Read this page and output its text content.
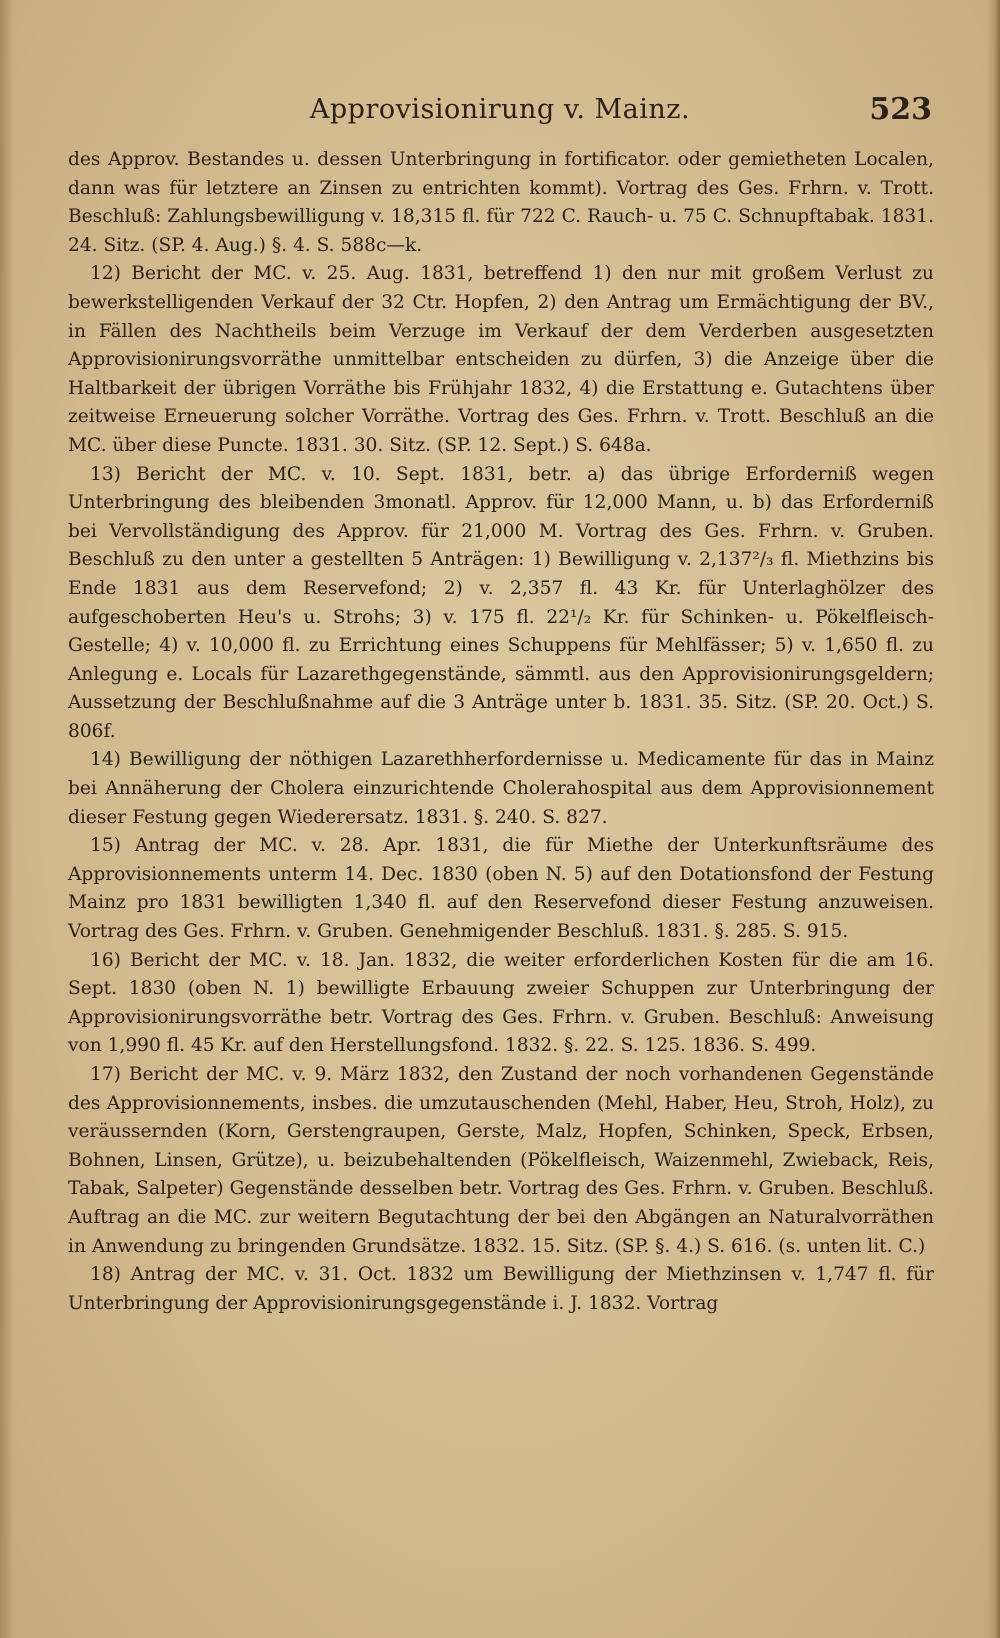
Approvisionirung v. Mainz.	523

des Approv. Bestandes u. dessen Unterbringung in fortificator. oder gemietheten Localen, dann was für letztere an Zinsen zu entrichten kommt). Vortrag des Ges. Frhrn. v. Trott. Beschluß: Zahlungsbewilligung v. 18,315 fl. für 722 C. Rauch- u. 75 C. Schnupftabak. 1831. 24. Sitz. (SP. 4. Aug.) §. 4. S. 588c—k.

12) Bericht der MC. v. 25. Aug. 1831, betreffend 1) den nur mit großem Verlust zu bewerkstelligenden Verkauf der 32 Ctr. Hopfen, 2) den Antrag um Ermächtigung der BV., in Fällen des Nachtheils beim Verzuge im Verkauf der dem Verderben ausgesetzten Approvisionirungsvorräthe unmittelbar entscheiden zu dürfen, 3) die Anzeige über die Haltbarkeit der übrigen Vorräthe bis Frühjahr 1832, 4) die Erstattung e. Gutachtens über zeitweise Erneuerung solcher Vorräthe. Vortrag des Ges. Frhrn. v. Trott. Beschluß an die MC. über diese Puncte. 1831. 30. Sitz. (SP. 12. Sept.) S. 648a.

13) Bericht der MC. v. 10. Sept. 1831, betr. a) das übrige Erforderniß wegen Unterbringung des bleibenden 3monatl. Approv. für 12,000 Mann, u. b) das Erforderniß bei Vervollständigung des Approv. für 21,000 M. Vortrag des Ges. Frhrn. v. Gruben. Beschluß zu den unter a gestellten 5 Anträgen: 1) Bewilligung v. 2,137²/₃ fl. Miethzins bis Ende 1831 aus dem Reservefond; 2) v. 2,357 fl. 43 Kr. für Unterlaghölzer des aufgeschoberten Heu's u. Strohs; 3) v. 175 fl. 22¹/₂ Kr. für Schinken- u. Pökelfleisch-Gestelle; 4) v. 10,000 fl. zu Errichtung eines Schuppens für Mehlfässer; 5) v. 1,650 fl. zu Anlegung e. Locals für Lazarethgegenstände, sämmtl. aus den Approvisionirungsgeldern; Aussetzung der Beschlußnahme auf die 3 Anträge unter b. 1831. 35. Sitz. (SP. 20. Oct.) S. 806f.

14) Bewilligung der nöthigen Lazarethherfordernisse u. Medicamente für das in Mainz bei Annäherung der Cholera einzurichtende Cholerahospital aus dem Approvisionnement dieser Festung gegen Wiederersatz. 1831. §. 240. S. 827.

15) Antrag der MC. v. 28. Apr. 1831, die für Miethe der Unterkunftsräume des Approvisionnements unterm 14. Dec. 1830 (oben N. 5) auf den Dotationsfond der Festung Mainz pro 1831 bewilligten 1,340 fl. auf den Reservefond dieser Festung anzuweisen. Vortrag des Ges. Frhrn. v. Gruben. Genehmigender Beschluß. 1831. §. 285. S. 915.

16) Bericht der MC. v. 18. Jan. 1832, die weiter erforderlichen Kosten für die am 16. Sept. 1830 (oben N. 1) bewilligte Erbauung zweier Schuppen zur Unterbringung der Approvisionirungsvorräthe betr. Vortrag des Ges. Frhrn. v. Gruben. Beschluß: Anweisung von 1,990 fl. 45 Kr. auf den Herstellungsfond. 1832. §. 22. S. 125. 1836. S. 499.

17) Bericht der MC. v. 9. März 1832, den Zustand der noch vorhandenen Gegenstände des Approvisionnements, insbes. die umzutauschenden (Mehl, Haber, Heu, Stroh, Holz), zu veräussernden (Korn, Gerstengraupen, Gerste, Malz, Hopfen, Schinken, Speck, Erbsen, Bohnen, Linsen, Grütze), u. beizubehaltenden (Pökelfleisch, Waizenmehl, Zwieback, Reis, Tabak, Salpeter) Gegenstände desselben betr. Vortrag des Ges. Frhrn. v. Gruben. Beschluß. Auftrag an die MC. zur weitern Begutachtung der bei den Abgängen an Naturalvorräthen in Anwendung zu bringenden Grundsätze. 1832. 15. Sitz. (SP. §. 4.) S. 616. (s. unten lit. C.)

18) Antrag der MC. v. 31. Oct. 1832 um Bewilligung der Miethzinsen v. 1,747 fl. für Unterbringung der Approvisionirungsgegenstände i. J. 1832. Vortrag
